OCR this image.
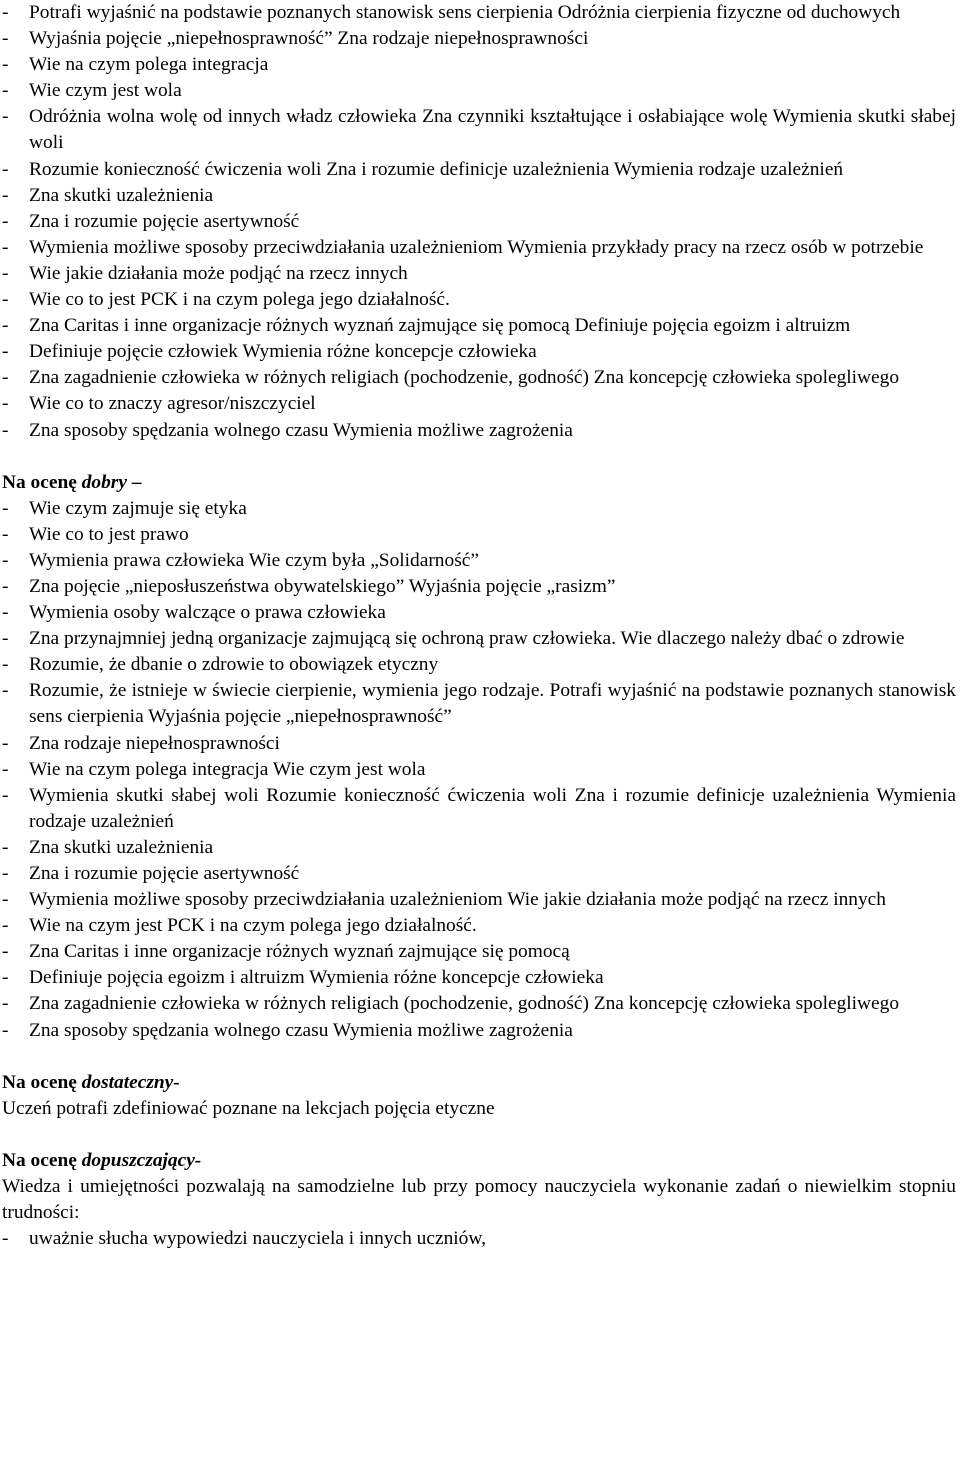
- Potrafi wyjaśnić na podstawie poznanych stanowisk sens cierpienia Odróżnia cierpienia fizyczne od duchowych
- Wyjaśnia pojęcie „niepełnosprawność” Zna rodzaje niepełnosprawności
- Wie na czym polega integracja
- Wie czym jest wola
- Odróżnia wolna wolę od innych władz człowieka Zna czynniki kształtujące i osłabiające wolę Wymienia skutki słabej woli
- Rozumie konieczność ćwiczenia woli Zna i rozumie definicje uzależnienia Wymienia rodzaje uzależnień
- Zna skutki uzależnienia
- Zna i rozumie pojęcie asertywność
- Wymienia możliwe sposoby przeciwdziałania uzależnieniom Wymienia przykłady pracy na rzecz osób w potrzebie
- Wie jakie działania może podjąć na rzecz innych
- Wie co to jest PCK i na czym polega jego działalność.
- Zna Caritas i inne organizacje różnych wyznań zajmujące się pomocą Definiuje pojęcia egoizm i altruizm
- Definiuje pojęcie człowiek Wymienia różne koncepcje człowieka
- Zna zagadnienie człowieka w różnych religiach (pochodzenie, godność) Zna koncepcję człowieka spolegliwego
- Wie co to znaczy agresor/niszczyciel
- Zna sposoby spędzania wolnego czasu Wymienia możliwe zagrożenia
Na ocenę dobry –
- Wie czym zajmuje się etyka
- Wie co to jest prawo
- Wymienia prawa człowieka Wie czym była „Solidarność”
- Zna pojęcie „nieposłuszeństwa obywatelskiego” Wyjaśnia pojęcie „rasizm”
- Wymienia osoby walczące o prawa człowieka
- Zna przynajmniej jedną organizacje zajmującą się ochroną praw człowieka. Wie dlaczego należy dbać o zdrowie
- Rozumie, że dbanie o zdrowie to obowiązek etyczny
- Rozumie, że istnieje w świecie cierpienie, wymienia jego rodzaje. Potrafi wyjaśnić na podstawie poznanych stanowisk sens cierpienia Wyjaśnia pojęcie „niepełnosprawność”
- Zna rodzaje niepełnosprawności
- Wie na czym polega integracja Wie czym jest wola
- Wymienia skutki słabej woli Rozumie konieczność ćwiczenia woli Zna i rozumie definicje uzależnienia Wymienia rodzaje uzależnień
- Zna skutki uzależnienia
- Zna i rozumie pojęcie asertywność
- Wymienia możliwe sposoby przeciwdziałania uzależnieniom Wie jakie działania może podjąć na rzecz innych
- Wie na czym jest PCK i na czym polega jego działalność.
- Zna Caritas i inne organizacje różnych wyznań zajmujące się pomocą
- Definiuje pojęcia egoizm i altruizm Wymienia różne koncepcje człowieka
- Zna zagadnienie człowieka w różnych religiach (pochodzenie, godność) Zna koncepcję człowieka spolegliwego
- Zna sposoby spędzania wolnego czasu Wymienia możliwe zagrożenia
Na ocenę dostateczny-
Uczeń potrafi zdefiniować poznane na lekcjach pojęcia etyczne
Na ocenę dopuszczający-
Wiedza i umiejętności pozwalają na samodzielne lub przy pomocy nauczyciela wykonanie zadań o niewielkim stopniu trudności:
- uważnie słucha wypowiedzi nauczyciela i innych uczniów,
